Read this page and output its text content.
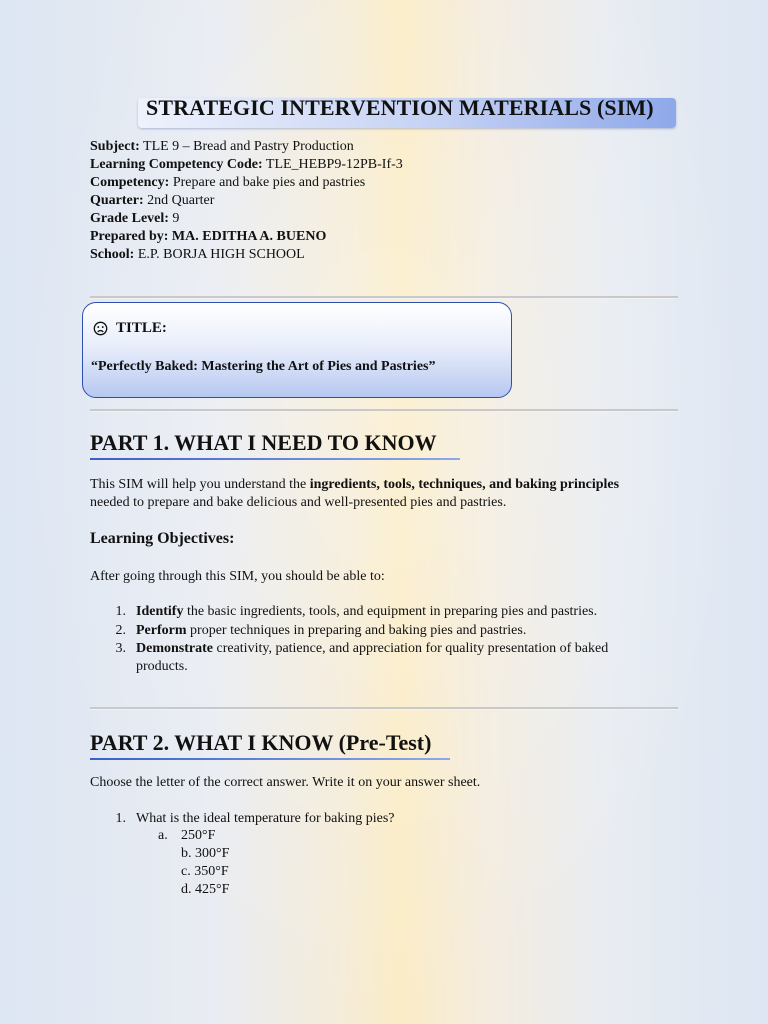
STRATEGIC INTERVENTION MATERIALS (SIM)
Subject: TLE 9 – Bread and Pastry Production
Learning Competency Code: TLE_HEBP9-12PB-If-3
Competency: Prepare and bake pies and pastries
Quarter: 2nd Quarter
Grade Level: 9
Prepared by: MA. EDITHA A. BUENO
School: E.P. BORJA HIGH SCHOOL
TITLE:
“Perfectly Baked: Mastering the Art of Pies and Pastries”
PART 1. WHAT I NEED TO KNOW
This SIM will help you understand the ingredients, tools, techniques, and baking principles
needed to prepare and bake delicious and well-presented pies and pastries.
Learning Objectives:
After going through this SIM, you should be able to:
1. Identify the basic ingredients, tools, and equipment in preparing pies and pastries.
2. Perform proper techniques in preparing and baking pies and pastries.
3. Demonstrate creativity, patience, and appreciation for quality presentation of baked
products.
PART 2. WHAT I KNOW (Pre-Test)
Choose the letter of the correct answer. Write it on your answer sheet.
1. What is the ideal temperature for baking pies?
a. 250°F
b. 300°F
c. 350°F
d. 425°F
